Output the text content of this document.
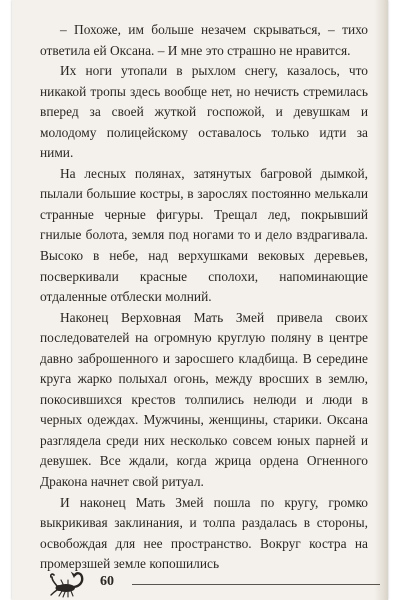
– Похоже, им больше незачем скрываться, – тихо ответила ей Оксана. – И мне это страшно не нравится.

Их ноги утопали в рыхлом снегу, казалось, что никакой тропы здесь вообще нет, но нечисть стремилась вперед за своей жуткой госпожой, и девушкам и молодому полицейскому оставалось только идти за ними.

На лесных полянах, затянутых багровой дымкой, пылали большие костры, в зарослях постоянно мелькали странные черные фигуры. Трещал лед, покрывший гнилые болота, земля под ногами то и дело вздрагивала. Высоко в небе, над верхушками вековых деревьев, посверкивали красные сполохи, напоминающие отдаленные отблески молний.

Наконец Верховная Мать Змей привела своих последователей на огромную круглую поляну в центре давно заброшенного и заросшего кладбища. В середине круга жарко полыхал огонь, между вросших в землю, покосившихся крестов толпились нелюди и люди в черных одеждах. Мужчины, женщины, старики. Оксана разглядела среди них несколько совсем юных парней и девушек. Все ждали, когда жрица ордена Огненного Дракона начнет свой ритуал.

И наконец Мать Змей пошла по кругу, громко выкрикивая заклинания, и толпа раздалась в стороны, освобождая для нее пространство. Вокруг костра на промерзшей земле копошились

60
